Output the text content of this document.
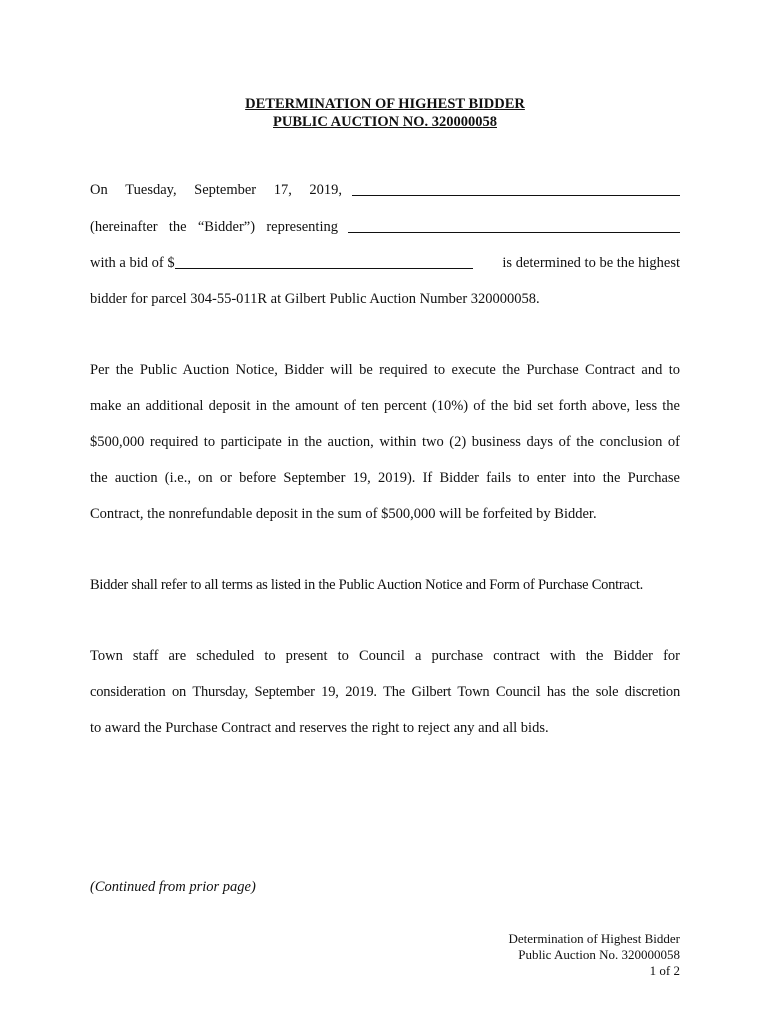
DETERMINATION OF HIGHEST BIDDER
PUBLIC AUCTION NO. 320000058
On Tuesday, September 17, 2019,
(hereinafter the “Bidder”) representing
with a bid of $	is determined to be the highest
bidder for parcel 304-55-011R at Gilbert Public Auction Number 320000058.
Per the Public Auction Notice, Bidder will be required to execute the Purchase Contract and to
make an additional deposit in the amount of ten percent (10%) of the bid set forth above, less the
$500,000 required to participate in the auction, within two (2) business days of the conclusion of
the auction (i.e., on or before September 19, 2019). If Bidder fails to enter into the Purchase
Contract, the nonrefundable deposit in the sum of $500,000 will be forfeited by Bidder.
Bidder shall refer to all terms as listed in the Public Auction Notice and Form of Purchase Contract.
Town staff are scheduled to present to Council a purchase contract with the Bidder for
consideration on Thursday, September 19, 2019. The Gilbert Town Council has the sole discretion
to award the Purchase Contract and reserves the right to reject any and all bids.
(Continued from prior page)
Determination of Highest Bidder
Public Auction No. 320000058
1 of 2
